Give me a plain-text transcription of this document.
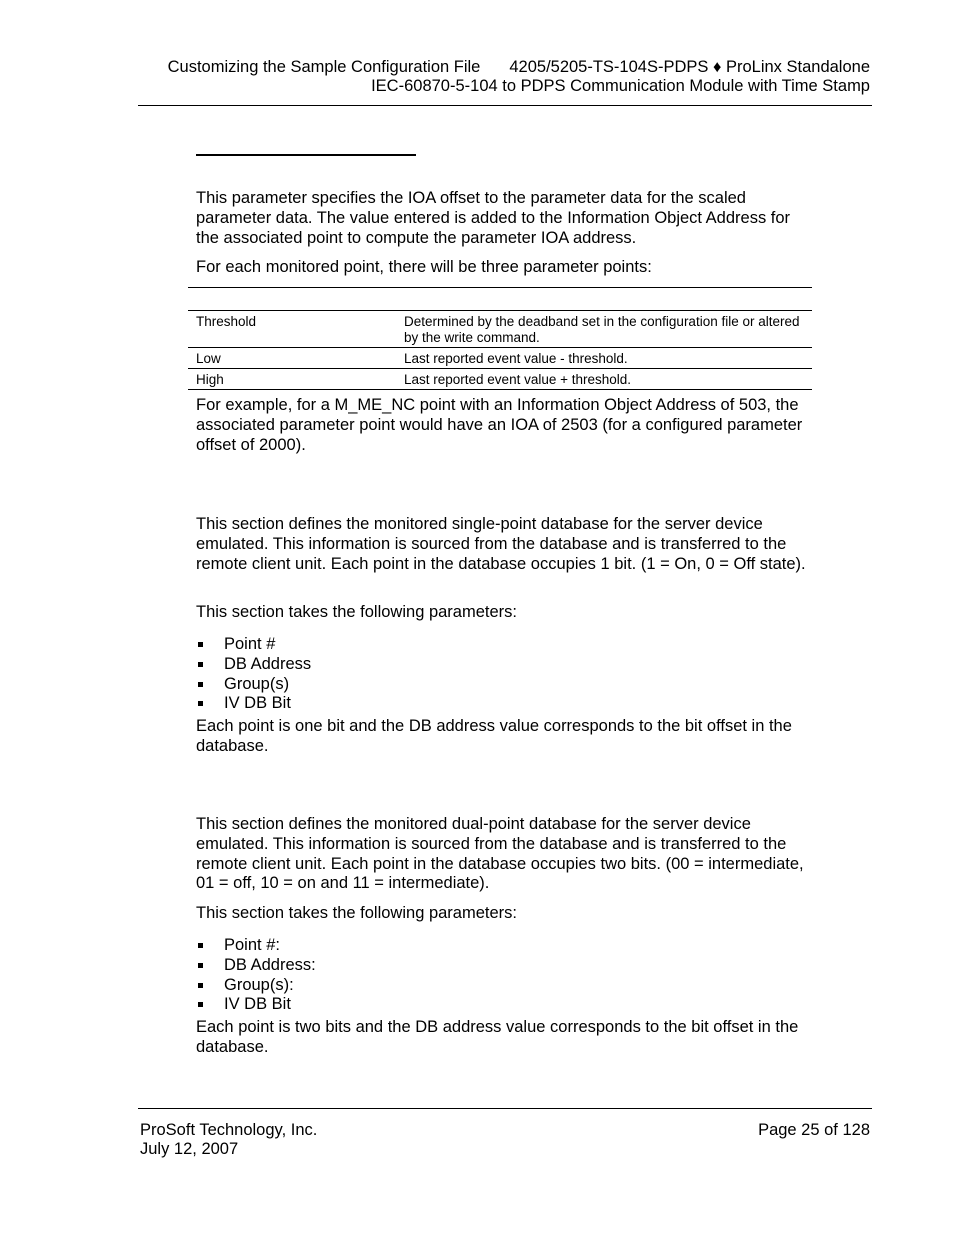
Customizing the Sample Configuration File 4205/5205-TS-104S-PDPS ♦ ProLinx Standalone
IEC-60870-5-104 to PDPS Communication Module with Time Stamp

This parameter specifies the IOA offset to the parameter data for the scaled parameter data. The value entered is added to the Information Object Address for the associated point to compute the parameter IOA address.

For each monitored point, there will be three parameter points:

Threshold	Determined by the deadband set in the configuration file or altered by the write command.
Low	Last reported event value - threshold.
High	Last reported event value + threshold.

For example, for a M_ME_NC point with an Information Object Address of 503, the associated parameter point would have an IOA of 2503 (for a configured parameter offset of 2000).

This section defines the monitored single-point database for the server device emulated. This information is sourced from the database and is transferred to the remote client unit. Each point in the database occupies 1 bit. (1 = On, 0 = Off state).

This section takes the following parameters:

Point #
DB Address
Group(s)
IV DB Bit

Each point is one bit and the DB address value corresponds to the bit offset in the database.

This section defines the monitored dual-point database for the server device emulated. This information is sourced from the database and is transferred to the remote client unit. Each point in the database occupies two bits. (00 = intermediate, 01 = off, 10 = on and 11 = intermediate).

This section takes the following parameters:

Point #:
DB Address:
Group(s):
IV DB Bit

Each point is two bits and the DB address value corresponds to the bit offset in the database.

ProSoft Technology, Inc.
July 12, 2007
Page 25 of 128
